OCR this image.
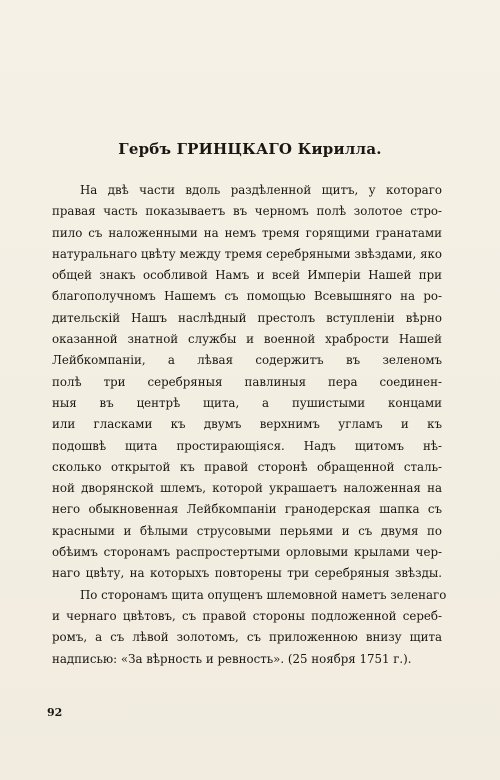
Гербъ ГРИНЦКАГО Кирилла.
На двѣ части вдоль раздѣленной щитъ, у котораго
правая часть показываетъ въ черномъ полѣ золотое стро-
пило съ наложенными на немъ тремя горящими гранатами
натуральнаго цвѣту между тремя серебряными звѣздами, яко
общей знакъ особливой Намъ и всей Имперіи Нашей при
благополучномъ Нашемъ съ помощью Всевышняго на ро-
дительскій Нашъ наслѣдный престолъ вступленіи вѣрно
оказанной знатной службы и военной храбрости Нашей
Лейбкомпаніи, а лѣвая содержитъ въ зеленомъ
полѣ три серебряныя павлиныя пера соединен-
ныя въ центрѣ щита, а пушистыми концами
или гласками къ двумъ верхнимъ угламъ и къ
подошвѣ щита простирающіяся. Надъ щитомъ нѣ-
сколько открытой къ правой сторонѣ обращенной сталь-
ной дворянской шлемъ, которой украшаетъ наложенная на
него обыкновенная Лейбкомпаніи гранодерская шапка съ
красными и бѣлыми струсовыми перьями и съ двумя по
обѣимъ сторонамъ распростертыми орловыми крылами чер-
наго цвѣту, на которыхъ повторены три серебряныя звѣзды.
По сторонамъ щита опущенъ шлемовной наметъ зеленаго
и чернаго цвѣтовъ, съ правой стороны подложенной сереб-
ромъ, а съ лѣвой золотомъ, съ приложенною внизу щита
надписью: «За вѣрность и ревность». (25 ноября 1751 г.).
92
